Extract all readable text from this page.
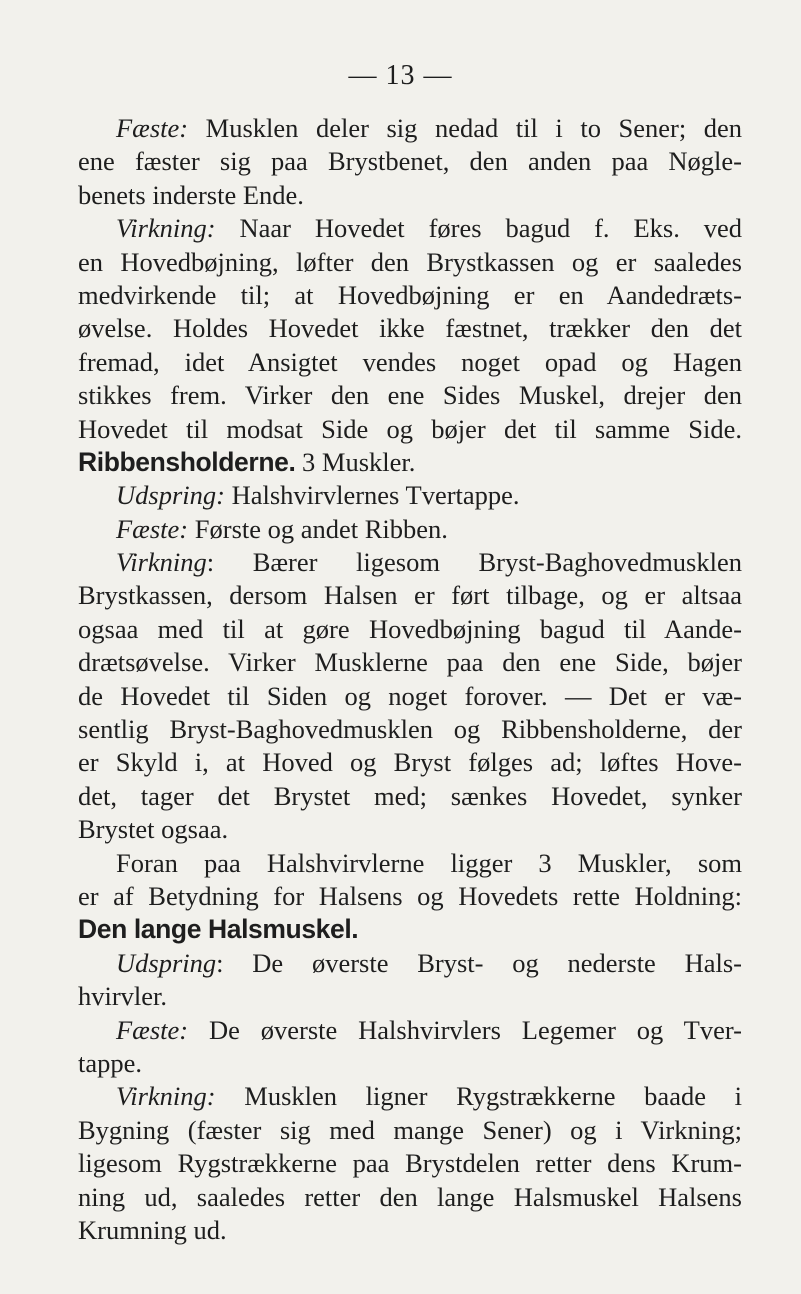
— 13 —
Fæste: Musklen deler sig nedad til i to Sener; den
ene fæster sig paa Brystbenet, den anden paa Nøgle-
benets inderste Ende.
Virkning: Naar Hovedet føres bagud f. Eks. ved
en Hovedbøjning, løfter den Brystkassen og er saaledes
medvirkende til; at Hovedbøjning er en Aandedræts-
øvelse. Holdes Hovedet ikke fæstnet, trækker den det
fremad, idet Ansigtet vendes noget opad og Hagen
stikkes frem. Virker den ene Sides Muskel, drejer den
Hovedet til modsat Side og bøjer det til samme Side.
Ribbensholderne. 3 Muskler.
Udspring: Halshvirvlernes Tvertappe.
Fæste: Første og andet Ribben.
Virkning: Bærer ligesom Bryst-Baghovedmusklen
Brystkassen, dersom Halsen er ført tilbage, og er altsaa
ogsaa med til at gøre Hovedbøjning bagud til Aande-
drætsøvelse. Virker Musklerne paa den ene Side, bøjer
de Hovedet til Siden og noget forover. — Det er væ-
sentlig Bryst-Baghovedmusklen og Ribbensholderne, der
er Skyld i, at Hoved og Bryst følges ad; løftes Hove-
det, tager det Brystet med; sænkes Hovedet, synker
Brystet ogsaa.
Foran paa Halshvirvlerne ligger 3 Muskler, som
er af Betydning for Halsens og Hovedets rette Holdning:
Den lange Halsmuskel.
Udspring: De øverste Bryst- og nederste Hals-
hvirvler.
Fæste: De øverste Halshvirvlers Legemer og Tver-
tappe.
Virkning: Musklen ligner Rygstrækkerne baade i
Bygning (fæster sig med mange Sener) og i Virkning;
ligesom Rygstrækkerne paa Brystdelen retter dens Krum-
ning ud, saaledes retter den lange Halsmuskel Halsens
Krumning ud.
